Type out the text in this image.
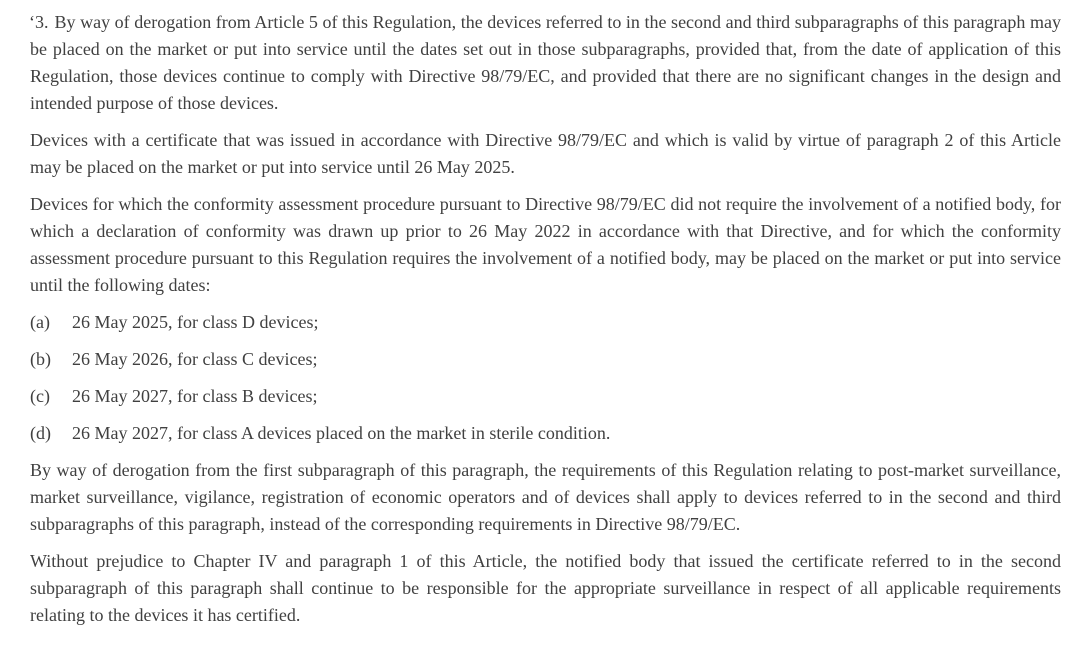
‘3. By way of derogation from Article 5 of this Regulation, the devices referred to in the second and third subparagraphs of this paragraph may be placed on the market or put into service until the dates set out in those subparagraphs, provided that, from the date of application of this Regulation, those devices continue to comply with Directive 98/79/EC, and provided that there are no significant changes in the design and intended purpose of those devices.

Devices with a certificate that was issued in accordance with Directive 98/79/EC and which is valid by virtue of paragraph 2 of this Article may be placed on the market or put into service until 26 May 2025.

Devices for which the conformity assessment procedure pursuant to Directive 98/79/EC did not require the involvement of a notified body, for which a declaration of conformity was drawn up prior to 26 May 2022 in accordance with that Directive, and for which the conformity assessment procedure pursuant to this Regulation requires the involvement of a notified body, may be placed on the market or put into service until the following dates:

(a)	26 May 2025, for class D devices;
(b)	26 May 2026, for class C devices;
(c)	26 May 2027, for class B devices;
(d)	26 May 2027, for class A devices placed on the market in sterile condition.

By way of derogation from the first subparagraph of this paragraph, the requirements of this Regulation relating to post-market surveillance, market surveillance, vigilance, registration of economic operators and of devices shall apply to devices referred to in the second and third subparagraphs of this paragraph, instead of the corresponding requirements in Directive 98/79/EC.

Without prejudice to Chapter IV and paragraph 1 of this Article, the notified body that issued the certificate referred to in the second subparagraph of this paragraph shall continue to be responsible for the appropriate surveillance in respect of all applicable requirements relating to the devices it has certified.
